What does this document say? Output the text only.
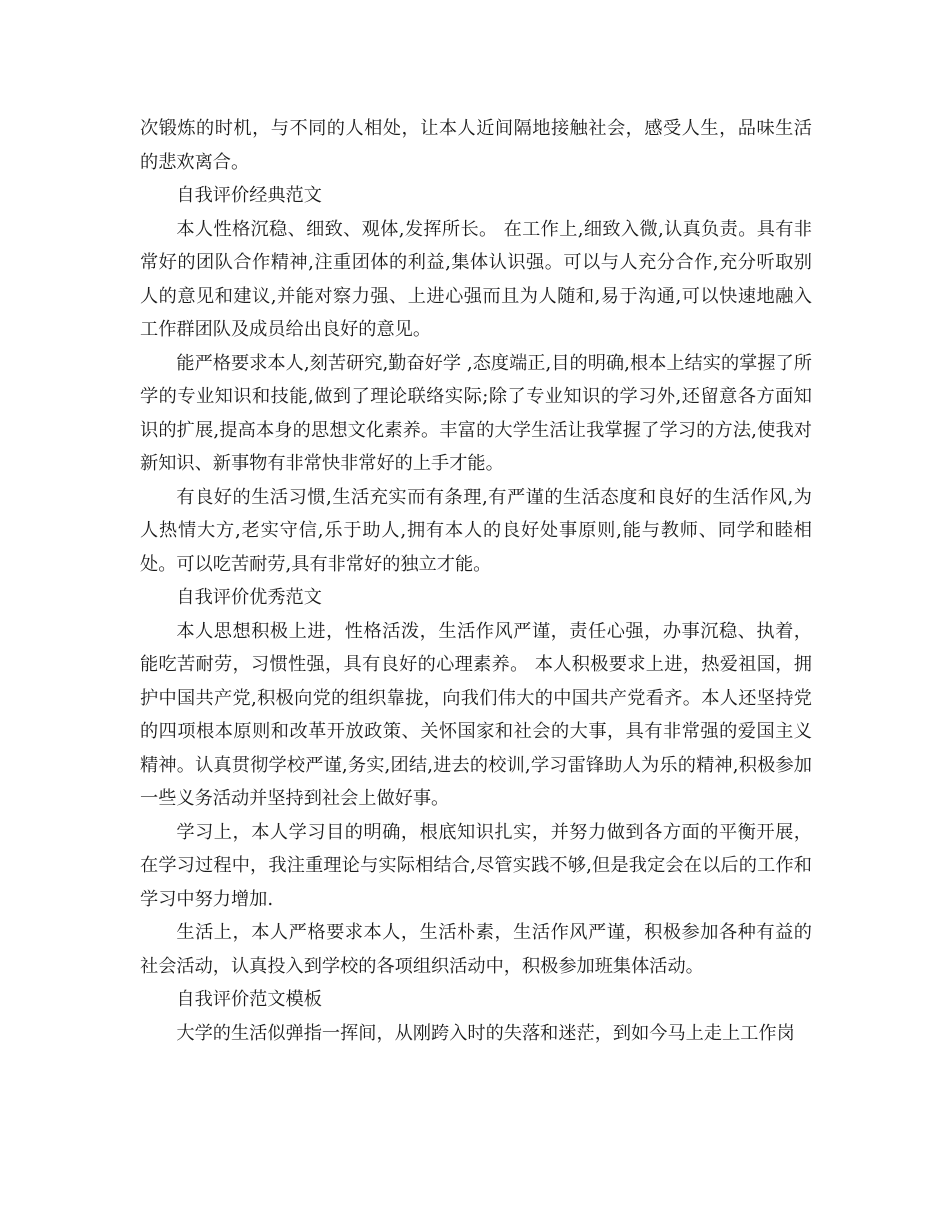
次锻炼的时机，与不同的人相处，让本人近间隔地接触社会，感受人生，品味生活的悲欢离合。

自我评价经典范文

本人性格沉稳、细致、观体,发挥所长。 在工作上,细致入微,认真负责。具有非常好的团队合作精神,注重团体的利益,集体认识强。可以与人充分合作,充分听取别人的意见和建议,并能对察力强、上进心强而且为人随和,易于沟通,可以快速地融入工作群团队及成员给出良好的意见。

能严格要求本人,刻苦研究,勤奋好学 ,态度端正,目的明确,根本上结实的掌握了所学的专业知识和技能,做到了理论联络实际;除了专业知识的学习外,还留意各方面知识的扩展,提高本身的思想文化素养。丰富的大学生活让我掌握了学习的方法,使我对新知识、新事物有非常快非常好的上手才能。

有良好的生活习惯,生活充实而有条理,有严谨的生活态度和良好的生活作风,为人热情大方,老实守信,乐于助人,拥有本人的良好处事原则,能与教师、同学和睦相处。可以吃苦耐劳,具有非常好的独立才能。

自我评价优秀范文

本人思想积极上进，性格活泼，生活作风严谨，责任心强，办事沉稳、执着，能吃苦耐劳，习惯性强，具有良好的心理素养。 本人积极要求上进，热爱祖国，拥护中国共产党,积极向党的组织靠拢，向我们伟大的中国共产党看齐。本人还坚持党的四项根本原则和改革开放政策、关怀国家和社会的大事，具有非常强的爱国主义精神。认真贯彻学校严谨,务实,团结,进去的校训,学习雷锋助人为乐的精神,积极参加一些义务活动并坚持到社会上做好事。

学习上，本人学习目的明确，根底知识扎实，并努力做到各方面的平衡开展，在学习过程中，我注重理论与实际相结合,尽管实践不够,但是我定会在以后的工作和学习中努力增加.

生活上，本人严格要求本人，生活朴素，生活作风严谨，积极参加各种有益的社会活动，认真投入到学校的各项组织活动中，积极参加班集体活动。

自我评价范文模板

大学的生活似弹指一挥间，从刚跨入时的失落和迷茫，到如今马上走上工作岗
